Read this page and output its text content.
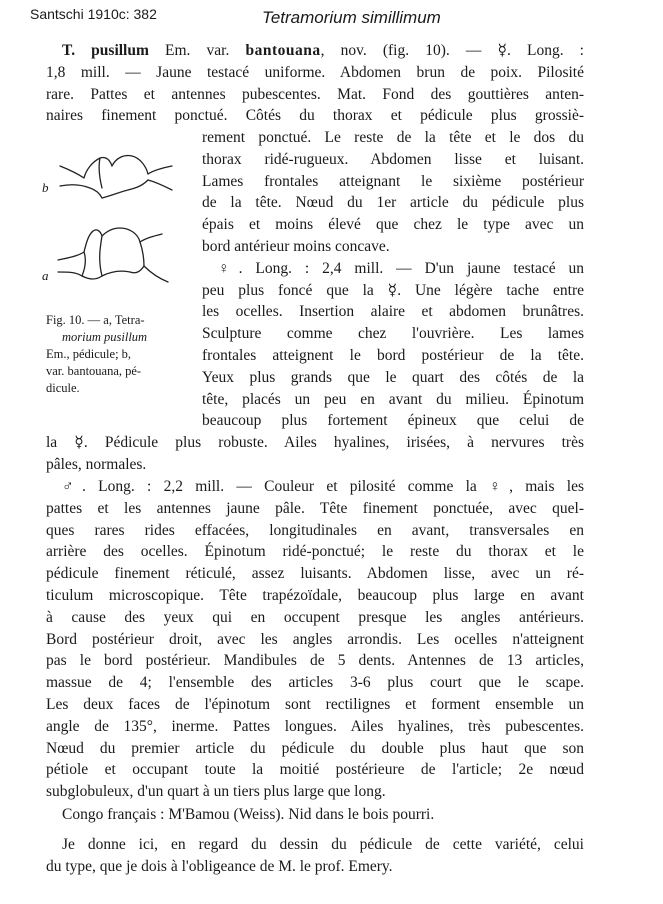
Santschi 1910c: 382	Tetramorium simillimum
T. pusillum Em. var. bantouana, nov. (fig. 10). — ☿. Long. :
1,8 mill. — Jaune testacé uniforme. Abdomen brun de poix. Pilosité
rare. Pattes et antennes pubescentes. Mat. Fond des gouttières anten-
naires finement ponctué. Côtés du thorax et pédicule plus grossiè-
b
a
Fig. 10. — a, Tetra-
morium pusillum
Em., pédicule; b,
var. bantouana, pé-
dicule.
rement ponctué. Le reste de la tête et le dos du
thorax ridé-rugueux. Abdomen lisse et luisant.
Lames frontales atteignant le sixième postérieur
de la tête. Nœud du 1er article du pédicule plus
épais et moins élevé que chez le type avec un
bord antérieur moins concave.
♀. Long. : 2,4 mill. — D'un jaune testacé un
peu plus foncé que la ☿. Une légère tache entre
les ocelles. Insertion alaire et abdomen brunâtres.
Sculpture comme chez l'ouvrière. Les lames
frontales atteignent le bord postérieur de la tête.
Yeux plus grands que le quart des côtés de la
tête, placés un peu en avant du milieu. Épinotum
beaucoup plus fortement épineux que celui de
la ☿. Pédicule plus robuste. Ailes hyalines, irisées, à nervures très
pâles, normales.
♂. Long. : 2,2 mill. — Couleur et pilosité comme la ♀, mais les
pattes et les antennes jaune pâle. Tête finement ponctuée, avec quel-
ques rares rides effacées, longitudinales en avant, transversales en
arrière des ocelles. Épinotum ridé-ponctué; le reste du thorax et le
pédicule finement réticulé, assez luisants. Abdomen lisse, avec un ré-
ticulum microscopique. Tête trapézoïdale, beaucoup plus large en avant
à cause des yeux qui en occupent presque les angles antérieurs.
Bord postérieur droit, avec les angles arrondis. Les ocelles n'atteignent
pas le bord postérieur. Mandibules de 5 dents. Antennes de 13 articles,
massue de 4; l'ensemble des articles 3-6 plus court que le scape.
Les deux faces de l'épinotum sont rectilignes et forment ensemble un
angle de 135°, inerme. Pattes longues. Ailes hyalines, très pubescentes.
Nœud du premier article du pédicule du double plus haut que son
pétiole et occupant toute la moitié postérieure de l'article; 2e nœud
subglobuleux, d'un quart à un tiers plus large que long.
Congo français : M'Bamou (Weiss). Nid dans le bois pourri.
Je donne ici, en regard du dessin du pédicule de cette variété, celui
du type, que je dois à l'obligeance de M. le prof. Emery.
